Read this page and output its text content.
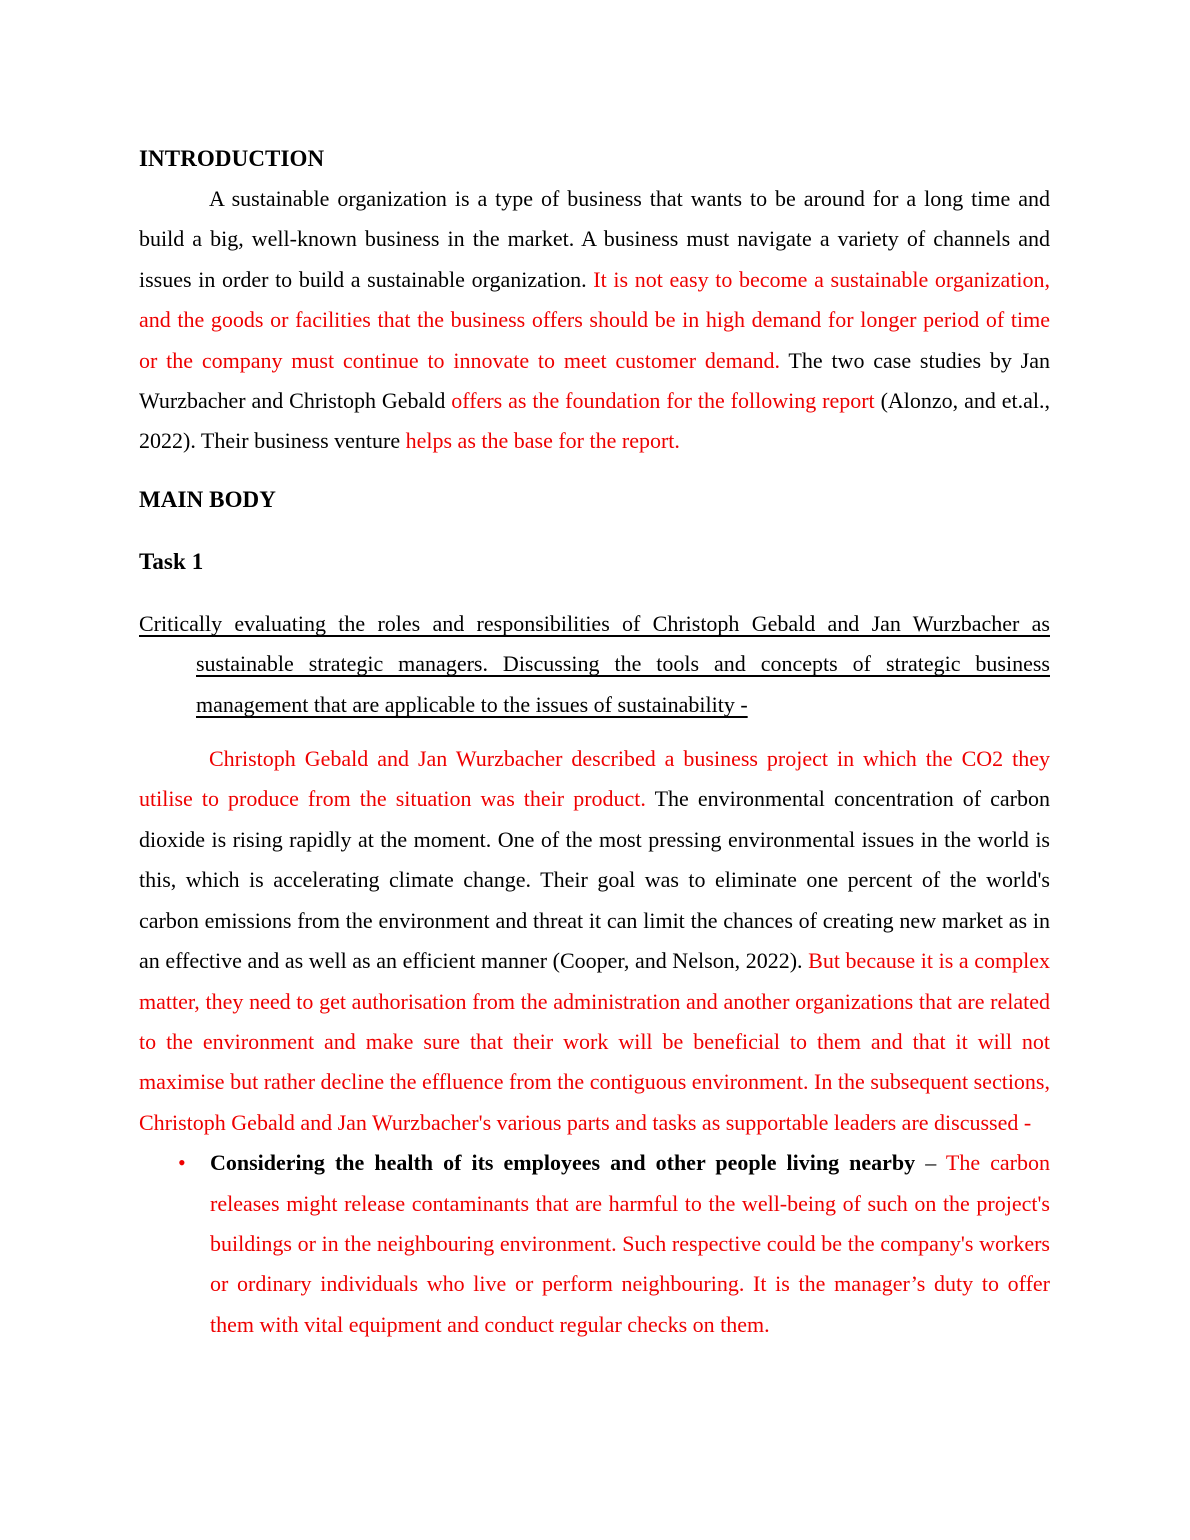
INTRODUCTION

A sustainable organization is a type of business that wants to be around for a long time and build a big, well-known business in the market. A business must navigate a variety of channels and issues in order to build a sustainable organization. It is not easy to become a sustainable organization, and the goods or facilities that the business offers should be in high demand for longer period of time or the company must continue to innovate to meet customer demand. The two case studies by Jan Wurzbacher and Christoph Gebald offers as the foundation for the following report (Alonzo, and et.al., 2022). Their business venture helps as the base for the report.

MAIN BODY
Task 1

Critically evaluating the roles and responsibilities of Christoph Gebald and Jan Wurzbacher as sustainable strategic managers. Discussing the tools and concepts of strategic business management that are applicable to the issues of sustainability -

Christoph Gebald and Jan Wurzbacher described a business project in which the CO2 they utilise to produce from the situation was their product. The environmental concentration of carbon dioxide is rising rapidly at the moment. One of the most pressing environmental issues in the world is this, which is accelerating climate change. Their goal was to eliminate one percent of the world's carbon emissions from the environment and threat it can limit the chances of creating new market as in an effective and as well as an efficient manner (Cooper, and Nelson, 2022). But because it is a complex matter, they need to get authorisation from the administration and another organizations that are related to the environment and make sure that their work will be beneficial to them and that it will not maximise but rather decline the effluence from the contiguous environment. In the subsequent sections, Christoph Gebald and Jan Wurzbacher's various parts and tasks as supportable leaders are discussed -

• Considering the health of its employees and other people living nearby – The carbon releases might release contaminants that are harmful to the well-being of such on the project's buildings or in the neighbouring environment. Such respective could be the company's workers or ordinary individuals who live or perform neighbouring. It is the manager’s duty to offer them with vital equipment and conduct regular checks on them.
